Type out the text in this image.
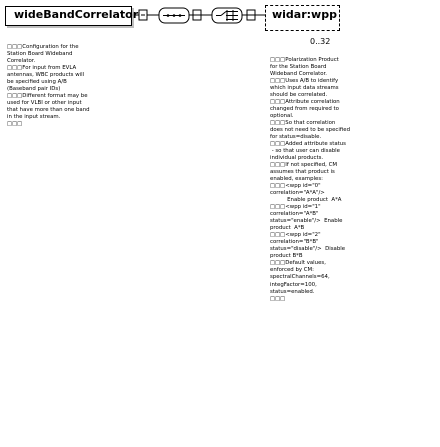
wideBandCorrelator	widar:wpp
0..32
□□□Configuration for the
Station Board Wideband
Correlator.
□□□For input from EVLA
antennas, WBC products will
be specified using A/B
(Baseband pair IDs)
□□□Different format may be
used for VLBI or other input
that have more than one band
in the input stream.
□□□
□□□Polarization Product
for the Station Board
Wideband Correlator.
□□□Uses A/B to identify
which input data streams
should be correlated.
□□□Attribute correlation
changed from required to
optional.
□□□So that correlation
does not need to be specified
for status=disable.
□□□Added attribute status
- so that user can disable
individual products.
□□□If not specified, CM
assumes that product is
enabled, examples:
□□□<wpp id="0"
correlation="A*A"/>
Enable product  A*A
□□□<wpp id="1"
correlation="A*B"
status="enable"/>  Enable
product  A*B
□□□<wpp id="2"
correlation="B*B"
status="disable"/>  Disable
product B*B
□□□Default values,
enforced by CM:
spectralChannels=64,
integFactor=100,
status=enabled.
□□□
